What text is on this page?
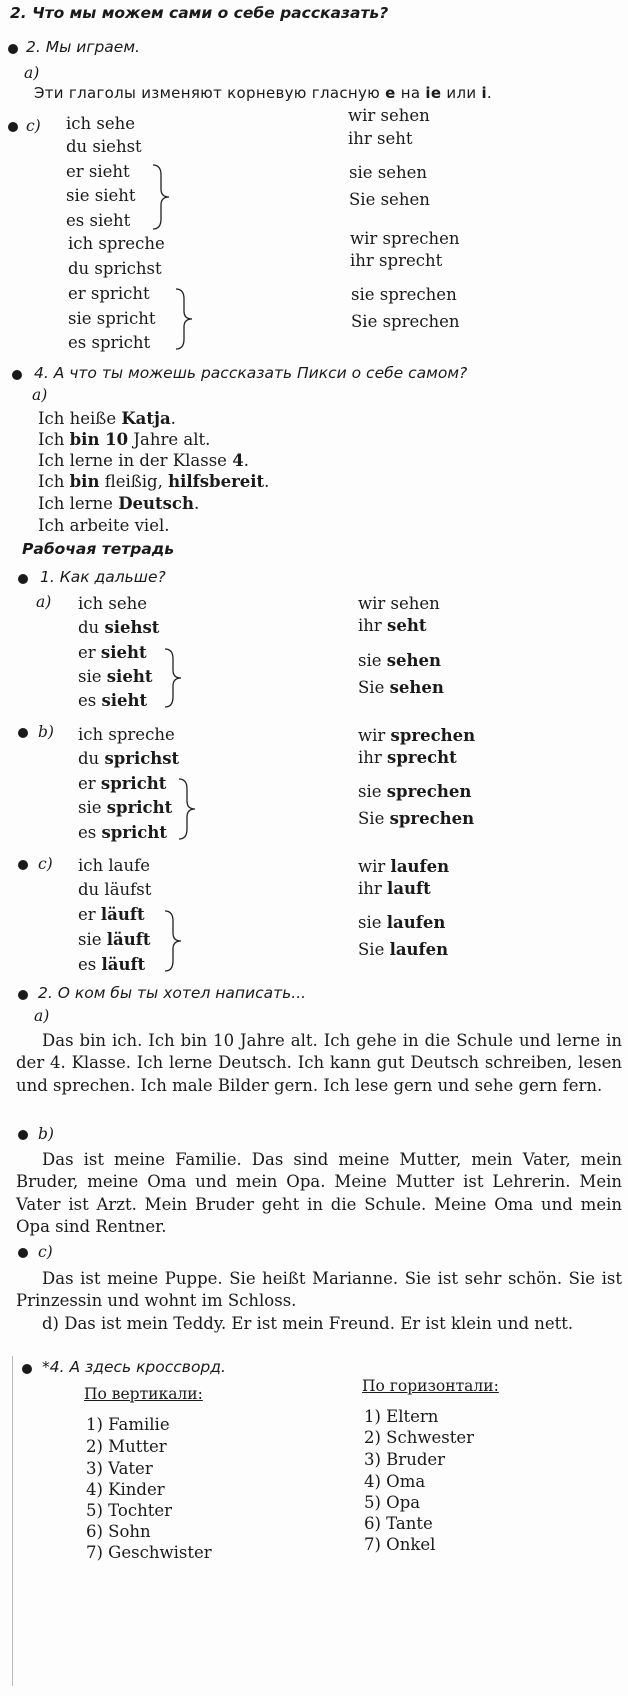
2. Что мы можем сами о себе рассказать?
2. Мы играем.
a)
Эти глаголы изменяют корневую гласную e на ie или i.
c) ich sehe
du siehst
er sieht
sie sieht
es sieht
ich spreche
du sprichst
er spricht
sie spricht
es spricht
wir sehen
ihr seht
sie sehen
Sie sehen
wir sprechen
ihr sprecht
sie sprechen
Sie sprechen
4. А что ты можешь рассказать Пикси о себе самом?
a)
Ich heiße Katja.
Ich bin 10 Jahre alt.
Ich lerne in der Klasse 4.
Ich bin fleißig, hilfsbereit.
Ich lerne Deutsch.
Ich arbeite viel.
Рабочая тетрадь
1. Как дальше?
a) ich sehe
du siehst
er sieht
sie sieht
es sieht
wir sehen
ihr seht
sie sehen
Sie sehen
b) ich spreche
du sprichst
er spricht
sie spricht
es spricht
wir sprechen
ihr sprecht
sie sprechen
Sie sprechen
c) ich laufe
du läufst
er läuft
sie läuft
es läuft
wir laufen
ihr lauft
sie laufen
Sie laufen
2. О ком бы ты хотел написать...
a)
Das bin ich. Ich bin 10 Jahre alt. Ich gehe in die Schule und lerne in der 4. Klasse. Ich lerne Deutsch. Ich kann gut Deutsch schreiben, lesen und sprechen. Ich male Bilder gern. Ich lese gern und sehe gern fern.
b)
Das ist meine Familie. Das sind meine Mutter, mein Vater, mein Bruder, meine Oma und mein Opa. Meine Mutter ist Lehrerin. Mein Vater ist Arzt. Mein Bruder geht in die Schule. Meine Oma und mein Opa sind Rentner.
c)
Das ist meine Puppe. Sie heißt Marianne. Sie ist sehr schön. Sie ist Prinzessin und wohnt im Schloss.
d) Das ist mein Teddy. Er ist mein Freund. Er ist klein und nett.
*4. А здесь кроссворд.
По вертикали:
1) Familie
2) Mutter
3) Vater
4) Kinder
5) Tochter
6) Sohn
7) Geschwister
По горизонтали:
1) Eltern
2) Schwester
3) Bruder
4) Oma
5) Opa
6) Tante
7) Onkel
